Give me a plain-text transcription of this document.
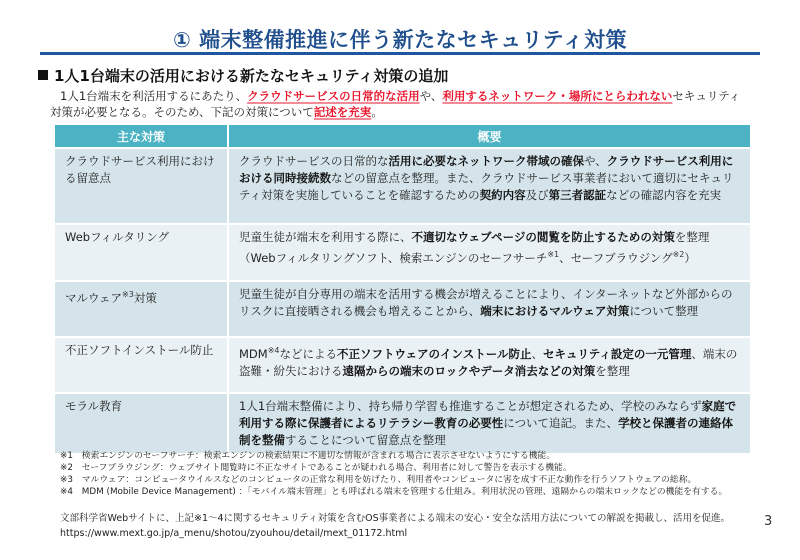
① 端末整備推進に伴う新たなセキュリティ対策
1人1台端末の活用における新たなセキュリティ対策の追加
1人1台端末を利活用するにあたり、クラウドサービスの日常的な活用や、利用するネットワーク・場所にとらわれないセキュリティ
対策が必要となる。そのため、下記の対策について記述を充実。
主な対策	概要
クラウドサービス利用における留意点	クラウドサービスの日常的な活用に必要なネットワーク帯域の確保や、クラウドサービス利用における同時接続数などの留意点を整理。また、クラウドサービス事業者において適切にセキュリティ対策を実施していることを確認するための契約内容及び第三者認証などの確認内容を充実
Webフィルタリング	児童生徒が端末を利用する際に、不適切なウェブページの閲覧を防止するための対策を整理
（Webフィルタリングソフト、検索エンジンのセーフサーチ$^{※1}$、セーフブラウジング$^{※2}$）
マルウェア$^{※3}$対策	児童生徒が自分専用の端末を活用する機会が増えることにより、インターネットなど外部からのリスクに直接晒される機会も増えることから、端末におけるマルウェア対策について整理
不正ソフトインストール防止	MDM$^{※4}$などによる不正ソフトウェアのインストール防止、セキュリティ設定の一元管理、端末の盗難・紛失における遠隔からの端末のロックやデータ消去などの対策を整理
モラル教育	1人1台端末整備により、持ち帰り学習も推進することが想定されるため、学校のみならず家庭で利用する際に保護者によるリテラシー教育の必要性について追記。また、学校と保護者の連絡体制を整備することについて留意点を整理
※1　検索エンジンのセーフサーチ：検索エンジンの検索結果に不適切な情報が含まれる場合に表示させないようにする機能。
※2　セーフブラウジング：ウェブサイト閲覧時に不正なサイトであることが疑われる場合、利用者に対して警告を表示する機能。
※3　マルウェア：コンピュータウイルスなどのコンピュータの正常な利用を妨げたり、利用者やコンピュータに害を成す不正な動作を行うソフトウェアの総称。
※4　MDM (Mobile Device Management) ：「モバイル端末管理」とも呼ばれる端末を管理する仕組み。利用状況の管理、遠隔からの端末ロックなどの機能を有する。
文部科学省Webサイトに、上記※1～4に関するセキュリティ対策を含むOS事業者による端末の安心・安全な活用方法についての解説を掲載し、活用を促進。
https://www.mext.go.jp/a_menu/shotou/zyouhou/detail/mext_01172.html
3
